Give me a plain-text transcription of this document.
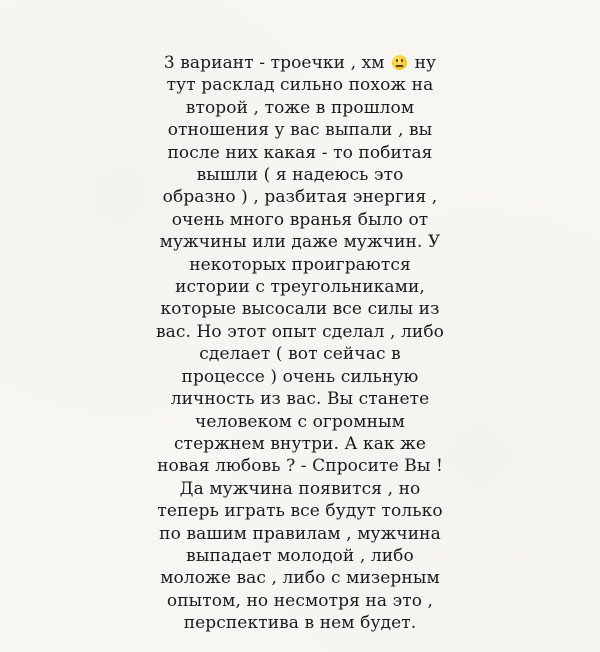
3 вариант - троечки , хм ну
тут расклад сильно похож на
второй , тоже в прошлом
отношения у вас выпали , вы
после них какая - то побитая
вышли ( я надеюсь это
образно ) , разбитая энергия ,
очень много вранья было от
мужчины или даже мужчин. У
некоторых проиграются
истории с треугольниками,
которые высосали все силы из
вас. Но этот опыт сделал , либо
сделает ( вот сейчас в
процессе ) очень сильную
личность из вас. Вы станете
человеком с огромным
стержнем внутри. А как же
новая любовь ? - Спросите Вы !
Да мужчина появится , но
теперь играть все будут только
по вашим правилам , мужчина
выпадает молодой , либо
моложе вас , либо с мизерным
опытом, но несмотря на это ,
перспектива в нем будет.
